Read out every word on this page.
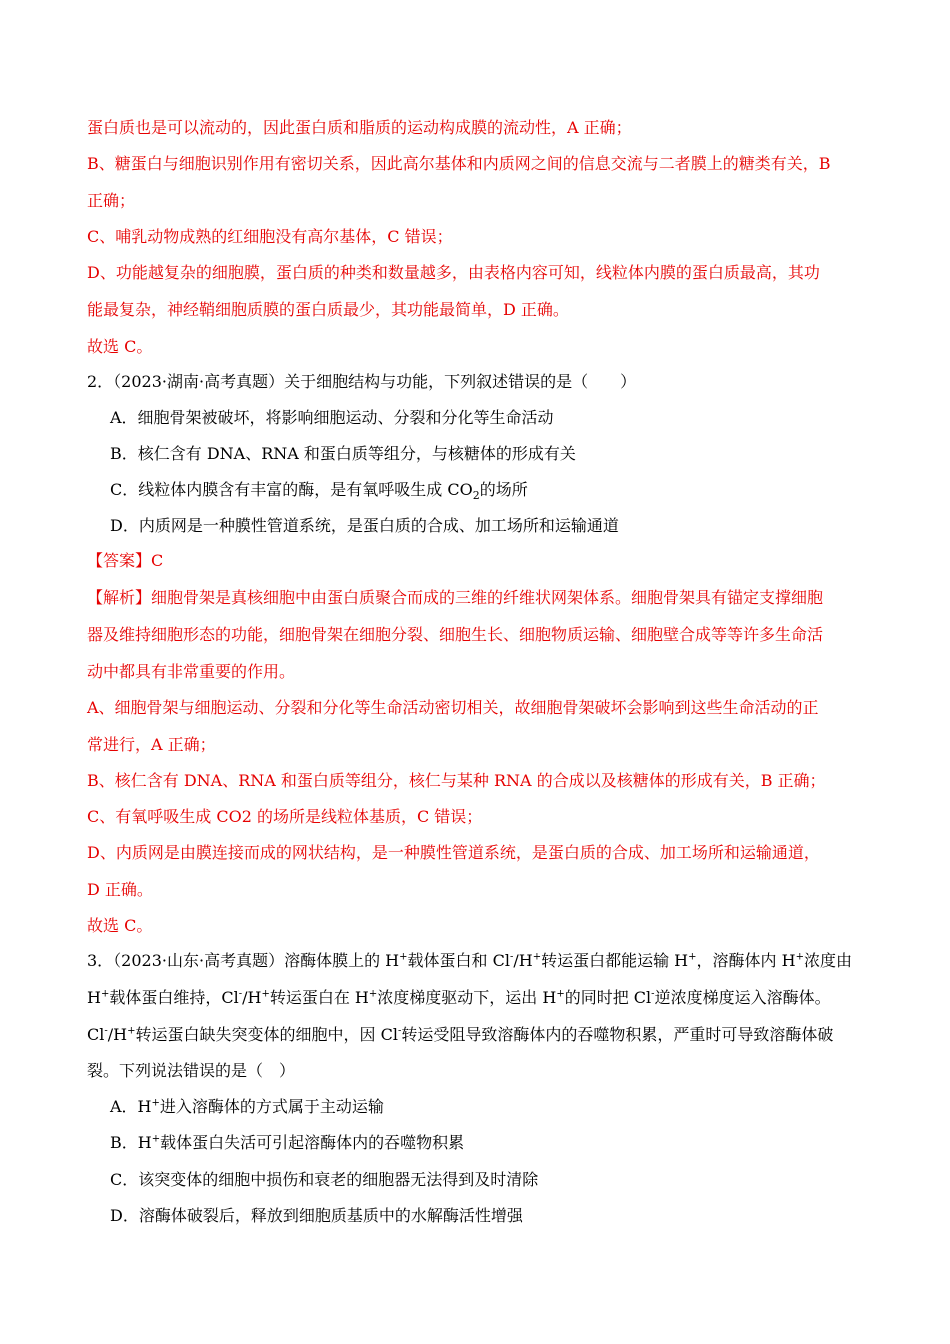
蛋白质也是可以流动的，因此蛋白质和脂质的运动构成膜的流动性，A 正确；
B、糖蛋白与细胞识别作用有密切关系，因此高尔基体和内质网之间的信息交流与二者膜上的糖类有关，B
正确；
C、哺乳动物成熟的红细胞没有高尔基体，C 错误；
D、功能越复杂的细胞膜，蛋白质的种类和数量越多，由表格内容可知，线粒体内膜的蛋白质最高，其功
能最复杂，神经鞘细胞质膜的蛋白质最少，其功能最简单，D 正确。
故选 C。
2．（2023·湖南·高考真题）关于细胞结构与功能，下列叙述错误的是（　　）
A．细胞骨架被破坏，将影响细胞运动、分裂和分化等生命活动
B．核仁含有 DNA、RNA 和蛋白质等组分，与核糖体的形成有关
C．线粒体内膜含有丰富的酶，是有氧呼吸生成 $CO_2$的场所
D．内质网是一种膜性管道系统，是蛋白质的合成、加工场所和运输通道
【答案】C
【解析】细胞骨架是真核细胞中由蛋白质聚合而成的三维的纤维状网架体系。细胞骨架具有锚定支撑细胞
器及维持细胞形态的功能，细胞骨架在细胞分裂、细胞生长、细胞物质运输、细胞壁合成等等许多生命活
动中都具有非常重要的作用。
A、细胞骨架与细胞运动、分裂和分化等生命活动密切相关，故细胞骨架破坏会影响到这些生命活动的正
常进行，A 正确；
B、核仁含有 DNA、RNA 和蛋白质等组分，核仁与某种 RNA 的合成以及核糖体的形成有关，B 正确；
C、有氧呼吸生成 CO2 的场所是线粒体基质，C 错误；
D、内质网是由膜连接而成的网状结构，是一种膜性管道系统，是蛋白质的合成、加工场所和运输通道，
D 正确。
故选 C。
3．（2023·山东·高考真题）溶酶体膜上的 H+载体蛋白和 Cl-/H+转运蛋白都能运输 H+，溶酶体内 H+浓度由
H+载体蛋白维持，Cl-/H+转运蛋白在 H+浓度梯度驱动下，运出 H+的同时把 Cl-逆浓度梯度运入溶酶体。
Cl-/H+转运蛋白缺失突变体的细胞中，因 Cl-转运受阻导致溶酶体内的吞噬物积累，严重时可导致溶酶体破
裂。下列说法错误的是（　）
A．H+进入溶酶体的方式属于主动运输
B．H+载体蛋白失活可引起溶酶体内的吞噬物积累
C．该突变体的细胞中损伤和衰老的细胞器无法得到及时清除
D．溶酶体破裂后，释放到细胞质基质中的水解酶活性增强
